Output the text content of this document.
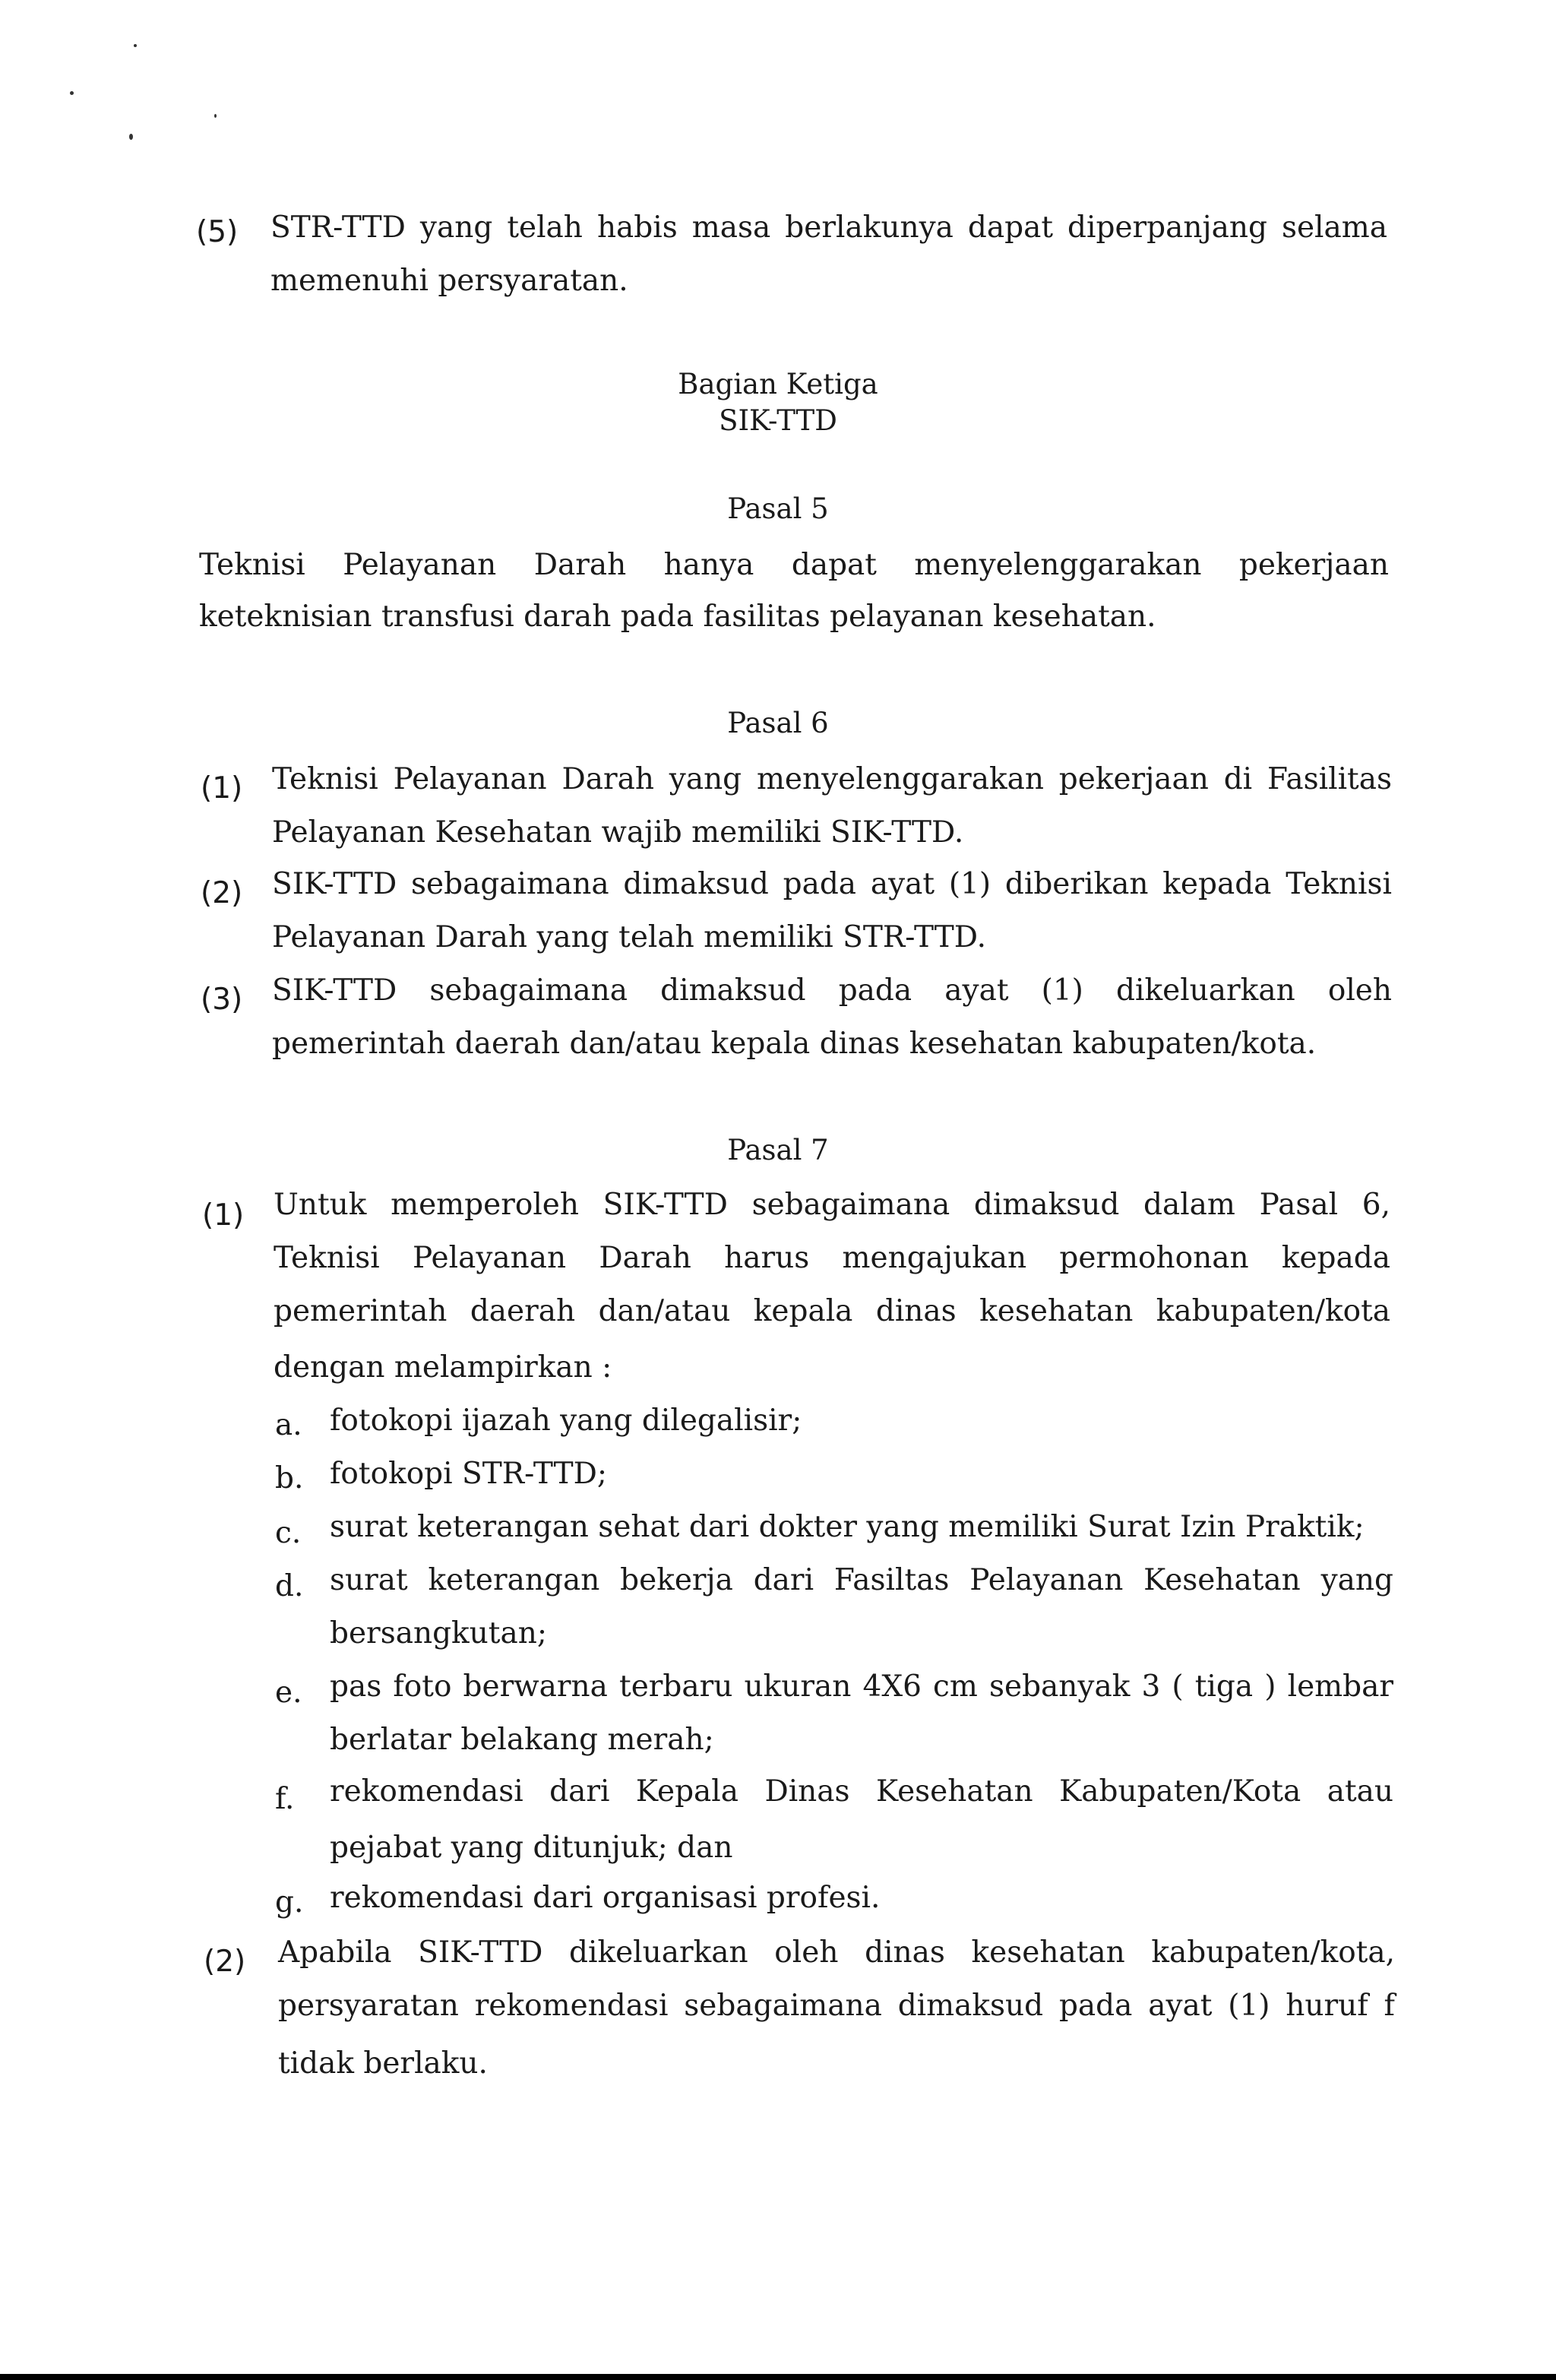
(5) STR-TTD yang telah habis masa berlakunya dapat diperpanjang selama
memenuhi persyaratan.
Bagian Ketiga
SIK-TTD
Pasal 5
Teknisi Pelayanan Darah hanya dapat menyelenggarakan pekerjaan
keteknisian transfusi darah pada fasilitas pelayanan kesehatan.
Pasal 6
(1) Teknisi Pelayanan Darah yang menyelenggarakan pekerjaan di Fasilitas
Pelayanan Kesehatan wajib memiliki SIK-TTD.
(2) SIK-TTD sebagaimana dimaksud pada ayat (1) diberikan kepada Teknisi
Pelayanan Darah yang telah memiliki STR-TTD.
(3) SIK-TTD sebagaimana dimaksud pada ayat (1) dikeluarkan oleh
pemerintah daerah dan/atau kepala dinas kesehatan kabupaten/kota.
Pasal 7
(1) Untuk memperoleh SIK-TTD sebagaimana dimaksud dalam Pasal 6,
Teknisi Pelayanan Darah harus mengajukan permohonan kepada
pemerintah daerah dan/atau kepala dinas kesehatan kabupaten/kota
dengan melampirkan :
a. fotokopi ijazah yang dilegalisir;
b. fotokopi STR-TTD;
c. surat keterangan sehat dari dokter yang memiliki Surat Izin Praktik;
d. surat keterangan bekerja dari Fasiltas Pelayanan Kesehatan yang
bersangkutan;
e. pas foto berwarna terbaru ukuran 4X6 cm sebanyak 3 ( tiga ) lembar
berlatar belakang merah;
f. rekomendasi dari Kepala Dinas Kesehatan Kabupaten/Kota atau
pejabat yang ditunjuk; dan
g. rekomendasi dari organisasi profesi.
(2) Apabila SIK-TTD dikeluarkan oleh dinas kesehatan kabupaten/kota,
persyaratan rekomendasi sebagaimana dimaksud pada ayat (1) huruf f
tidak berlaku.
